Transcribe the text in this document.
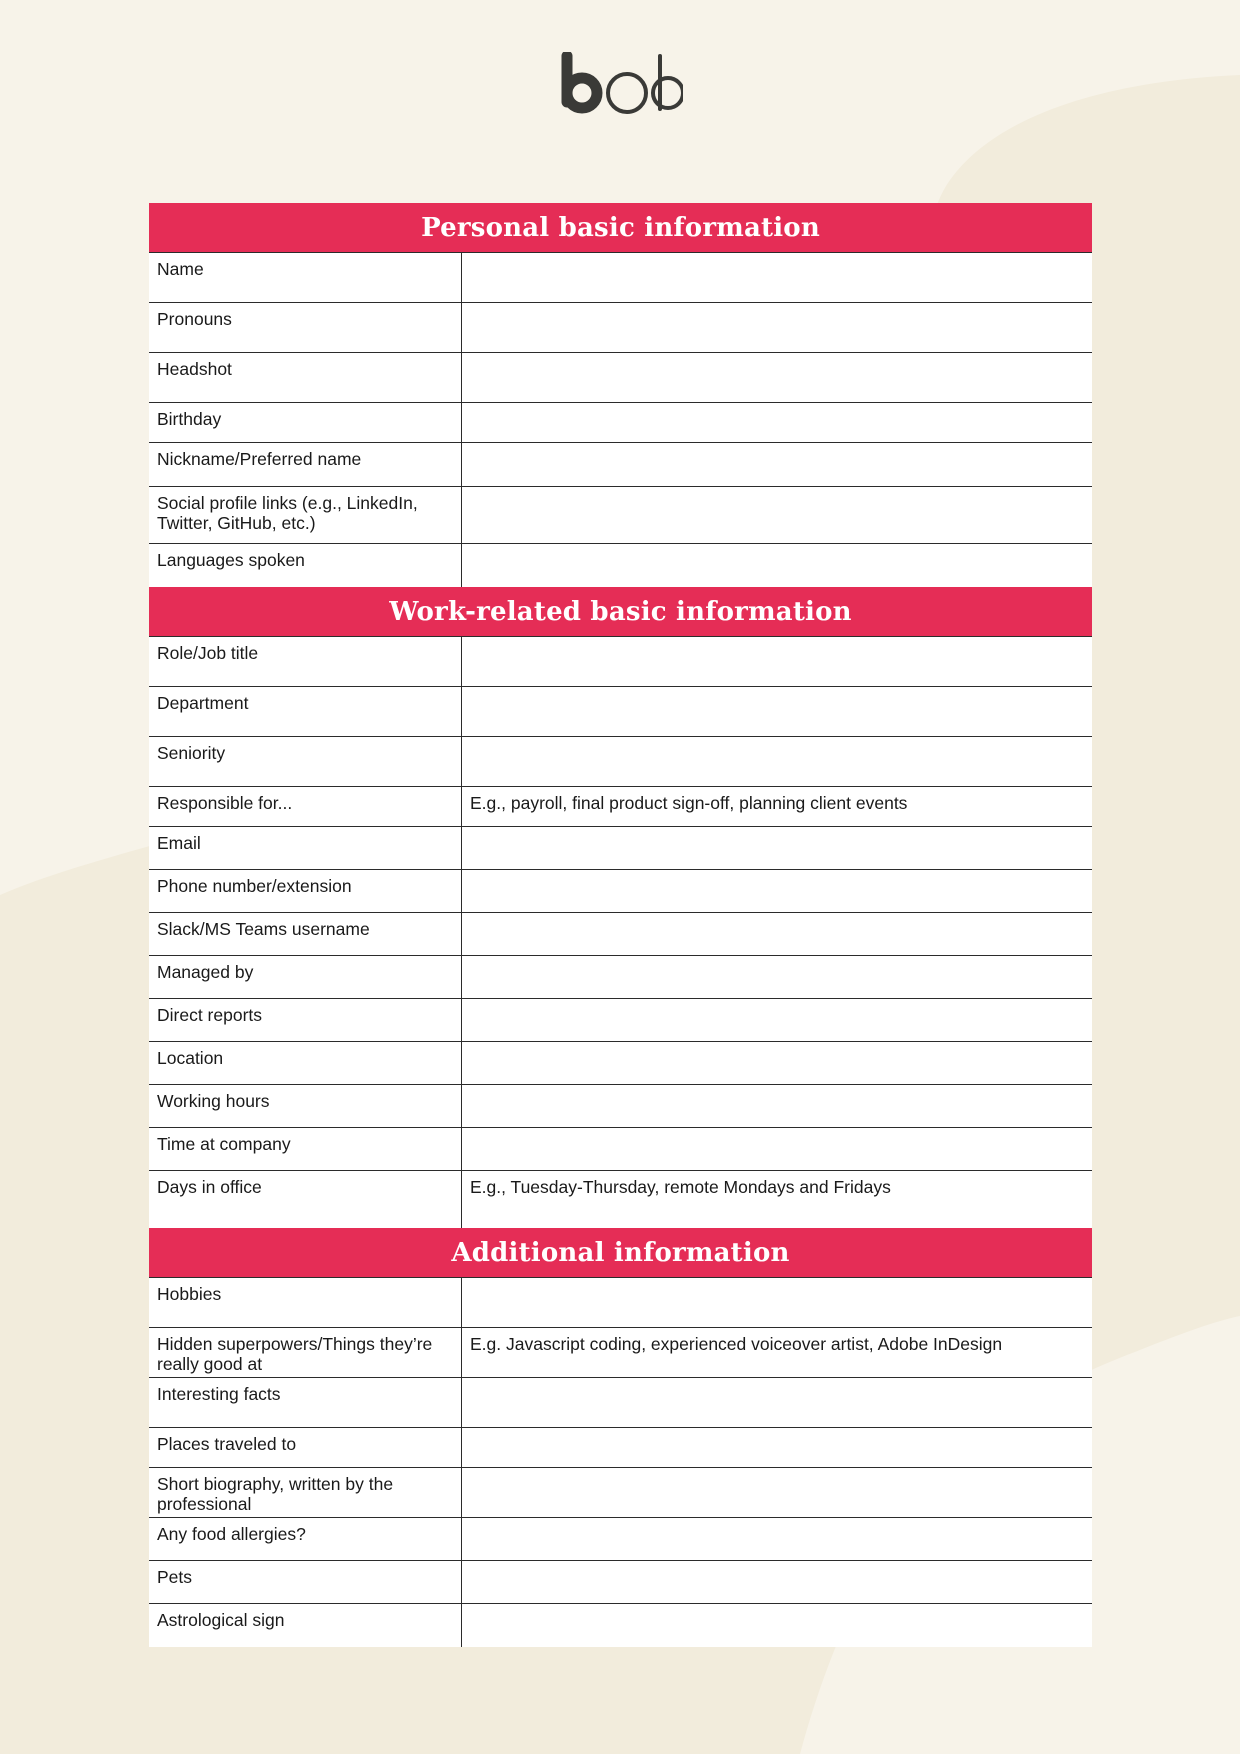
Personal basic information
Name
Pronouns
Headshot
Birthday
Nickname/Preferred name
Social profile links (e.g., LinkedIn, Twitter, GitHub, etc.)
Languages spoken
Work-related basic information
Role/Job title
Department
Seniority
Responsible for...	E.g., payroll, final product sign-off, planning client events
Email
Phone number/extension
Slack/MS Teams username
Managed by
Direct reports
Location
Working hours
Time at company
Days in office	E.g., Tuesday-Thursday, remote Mondays and Fridays
Additional information
Hobbies
Hidden superpowers/Things they’re really good at
E.g. Javascript coding, experienced voiceover artist, Adobe InDesign
Interesting facts
Places traveled to
Short biography, written by the professional
Any food allergies?
Pets
Astrological sign
